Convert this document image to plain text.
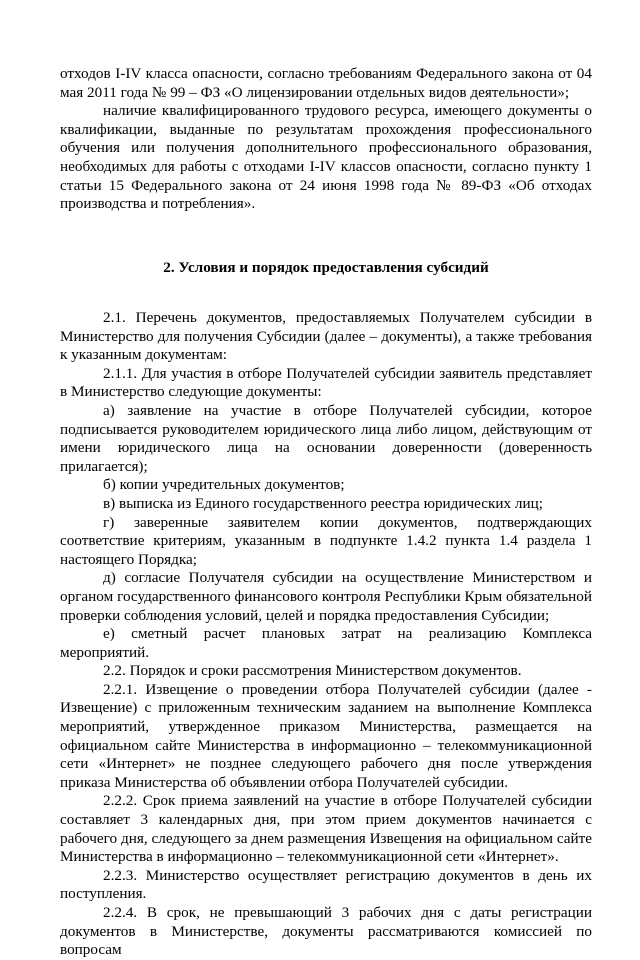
отходов I-IV класса опасности, согласно требованиям Федерального закона от 04 мая 2011 года № 99 – ФЗ «О лицензировании отдельных видов деятельности»;

наличие квалифицированного трудового ресурса, имеющего документы о квалификации, выданные по результатам прохождения профессионального обучения или получения дополнительного профессионального образования, необходимых для работы с отходами I-IV классов опасности, согласно пункту 1 статьи 15 Федерального закона от 24 июня 1998 года № 89-ФЗ «Об отходах производства и потребления».

2. Условия и порядок предоставления субсидий

2.1. Перечень документов, предоставляемых Получателем субсидии в Министерство для получения Субсидии (далее – документы), а также требования к указанным документам:

2.1.1. Для участия в отборе Получателей субсидии заявитель представляет в Министерство следующие документы:

а) заявление на участие в отборе Получателей субсидии, которое подписывается руководителем юридического лица либо лицом, действующим от имени юридического лица на основании доверенности (доверенность прилагается);

б) копии учредительных документов;

в) выписка из Единого государственного реестра юридических лиц;

г) заверенные заявителем копии документов, подтверждающих соответствие критериям, указанным в подпункте 1.4.2 пункта 1.4 раздела 1 настоящего Порядка;

д) согласие Получателя субсидии на осуществление Министерством и органом государственного финансового контроля Республики Крым обязательной проверки соблюдения условий, целей и порядка предоставления Субсидии;

е) сметный расчет плановых затрат на реализацию Комплекса мероприятий.

2.2. Порядок и сроки рассмотрения Министерством документов.

2.2.1. Извещение о проведении отбора Получателей субсидии (далее - Извещение) с приложенным техническим заданием на выполнение Комплекса мероприятий, утвержденное приказом Министерства, размещается на официальном сайте Министерства в информационно – телекоммуникационной сети «Интернет» не позднее следующего рабочего дня после утверждения приказа Министерства об объявлении отбора Получателей субсидии.

2.2.2. Срок приема заявлений на участие в отборе Получателей субсидии составляет 3 календарных дня, при этом прием документов начинается с рабочего дня, следующего за днем размещения Извещения на официальном сайте Министерства в информационно – телекоммуникационной сети «Интернет».

2.2.3. Министерство осуществляет регистрацию документов в день их поступления.

2.2.4. В срок, не превышающий 3 рабочих дня с даты регистрации документов в Министерстве, документы рассматриваются комиссией по вопросам
